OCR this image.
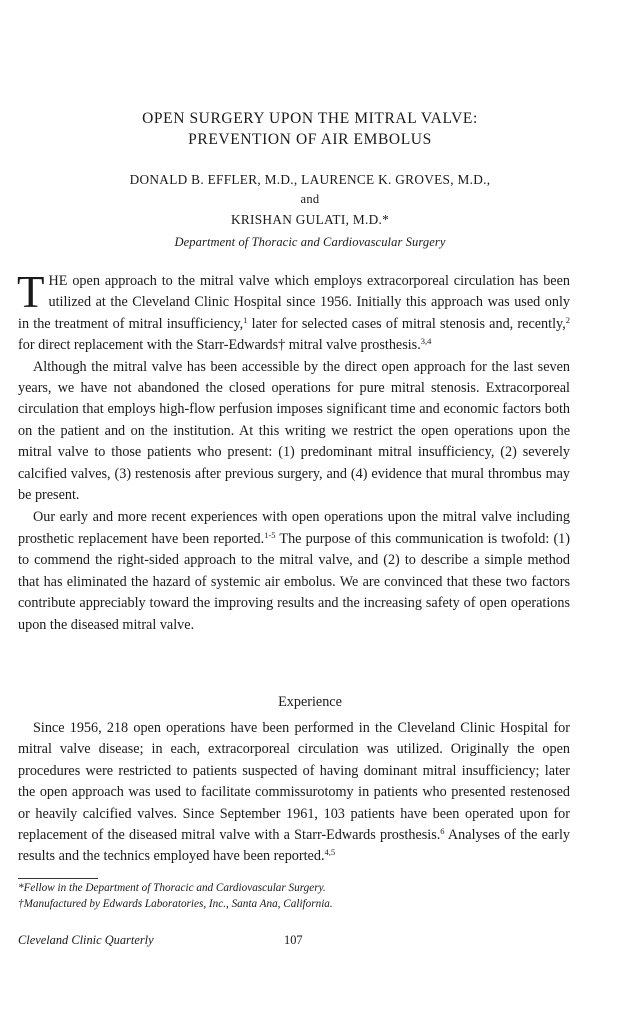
OPEN SURGERY UPON THE MITRAL VALVE:
PREVENTION OF AIR EMBOLUS
DONALD B. EFFLER, M.D., LAURENCE K. GROVES, M.D.,
and
KRISHAN GULATI, M.D.*
Department of Thoracic and Cardiovascular Surgery

THE open approach to the mitral valve which employs extracorporeal circulation has been utilized at the Cleveland Clinic Hospital since 1956. Initially this approach was used only in the treatment of mitral insufficiency,$^1$ later for selected cases of mitral stenosis and, recently,$^2$ for direct replacement with the Starr-Edwards† mitral valve prosthesis.$^{3,4}$

Although the mitral valve has been accessible by the direct open approach for the last seven years, we have not abandoned the closed operations for pure mitral stenosis. Extracorporeal circulation that employs high-flow perfusion imposes significant time and economic factors both on the patient and on the institution. At this writing we restrict the open operations upon the mitral valve to those patients who present: (1) predominant mitral insufficiency, (2) severely calcified valves, (3) restenosis after previous surgery, and (4) evidence that mural thrombus may be present.

Our early and more recent experiences with open operations upon the mitral valve including prosthetic replacement have been reported.$^{1-5}$ The purpose of this communication is twofold: (1) to commend the right-sided approach to the mitral valve, and (2) to describe a simple method that has eliminated the hazard of systemic air embolus. We are convinced that these two factors contribute appreciably toward the improving results and the increasing safety of open operations upon the diseased mitral valve.

Experience

Since 1956, 218 open operations have been performed in the Cleveland Clinic Hospital for mitral valve disease; in each, extracorporeal circulation was utilized. Originally the open procedures were restricted to patients suspected of having dominant mitral insufficiency; later the open approach was used to facilitate commissurotomy in patients who presented restenosed or heavily calcified valves. Since September 1961, 103 patients have been operated upon for replacement of the diseased mitral valve with a Starr-Edwards prosthesis.$^6$ Analyses of the early results and the technics employed have been reported.$^{4,5}$

*Fellow in the Department of Thoracic and Cardiovascular Surgery.
†Manufactured by Edwards Laboratories, Inc., Santa Ana, California.
Cleveland Clinic Quarterly	107
